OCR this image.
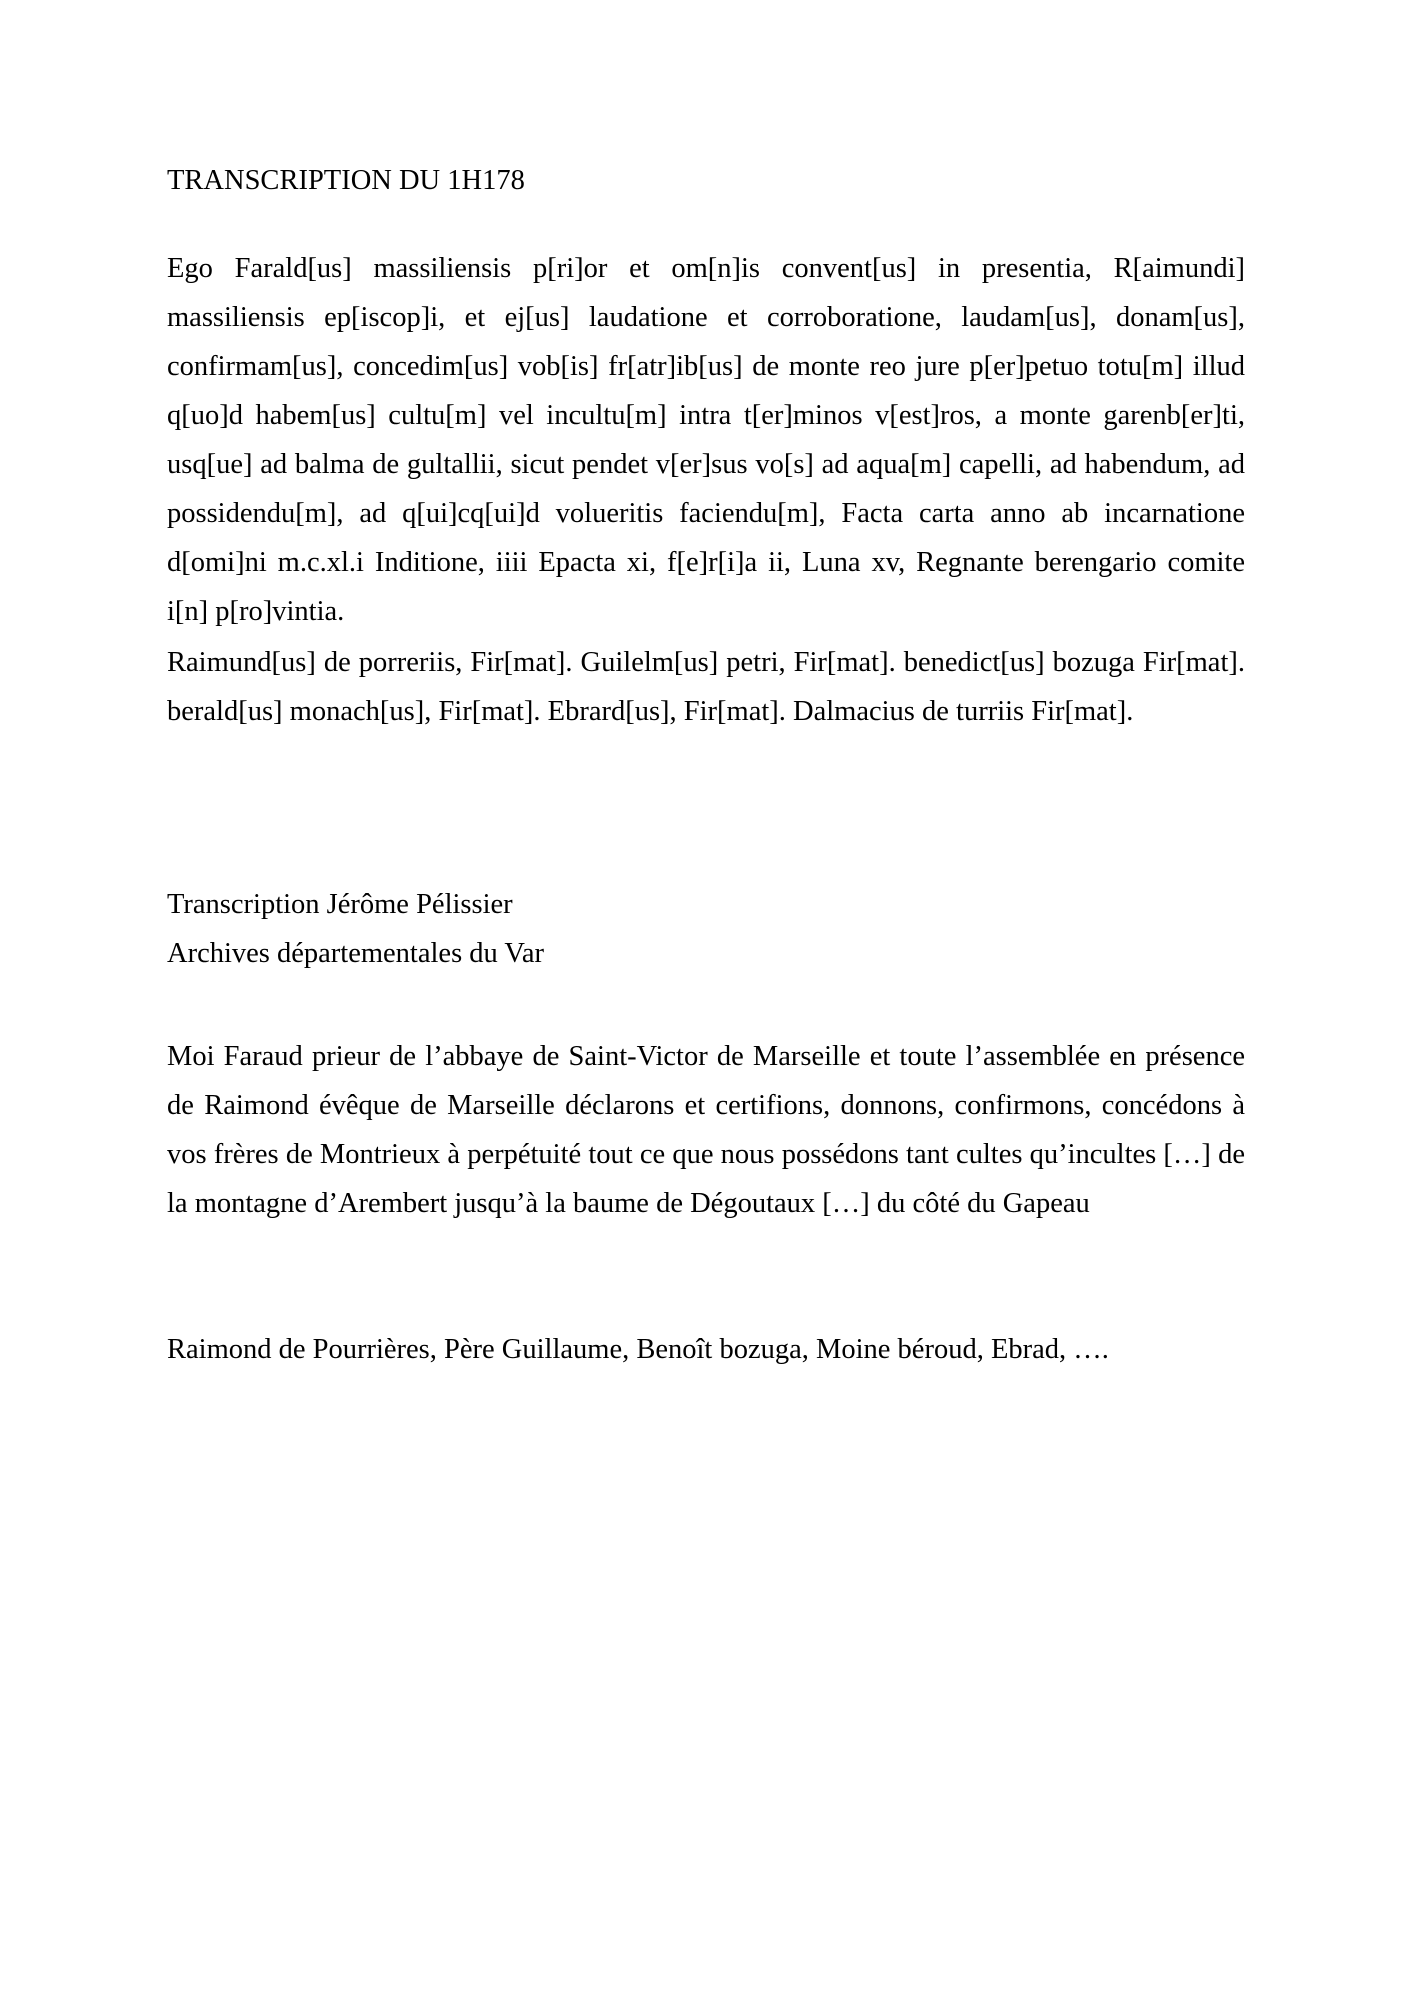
TRANSCRIPTION DU 1H178
Ego Farald[us] massiliensis p[ri]or et om[n]is convent[us] in presentia, R[aimundi]
massiliensis ep[iscop]i, et ej[us] laudatione et corroboratione, laudam[us], donam[us],
confirmam[us], concedim[us] vob[is] fr[atr]ib[us] de monte reo jure p[er]petuo totu[m] illud
q[uo]d habem[us] cultu[m] vel incultu[m] intra t[er]minos v[est]ros, a monte garenb[er]ti,
usq[ue] ad balma de gultallii, sicut pendet v[er]sus vo[s] ad aqua[m] capelli, ad habendum, ad
possidendu[m], ad q[ui]cq[ui]d volueritis faciendu[m], Facta carta anno ab incarnatione
d[omi]ni m.c.xl.i Inditione, iiii Epacta xi, f[e]r[i]a ii, Luna xv, Regnante berengario comite
i[n] p[ro]vintia.
Raimund[us] de porreriis, Fir[mat]. Guilelm[us] petri, Fir[mat]. benedict[us] bozuga Fir[mat].
berald[us] monach[us], Fir[mat]. Ebrard[us], Fir[mat]. Dalmacius de turriis Fir[mat].
Transcription Jérôme Pélissier
Archives départementales du Var
Moi Faraud prieur de l’abbaye de Saint-Victor de Marseille et toute l’assemblée en présence
de Raimond évêque de Marseille déclarons et certifions, donnons, confirmons, concédons à
vos frères de Montrieux à perpétuité tout ce que nous possédons tant cultes qu’incultes […] de
la montagne d’Arembert jusqu’à la baume de Dégoutaux […] du côté du Gapeau
Raimond de Pourrières, Père Guillaume, Benoît bozuga, Moine béroud, Ebrad, ….
